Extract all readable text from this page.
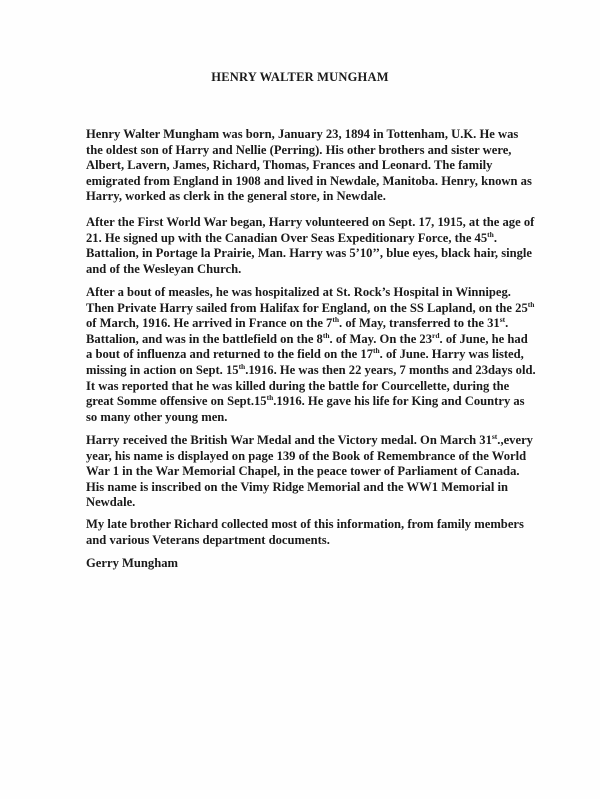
HENRY WALTER MUNGHAM
Henry Walter Mungham was born, January 23, 1894 in Tottenham, U.K. He was
the oldest son of Harry and Nellie (Perring). His other brothers and sister were,
Albert, Lavern, James, Richard, Thomas, Frances and Leonard. The family
emigrated from England in 1908 and lived in Newdale, Manitoba. Henry, known as
Harry, worked as clerk in the general store, in Newdale.
After the First World War began, Harry volunteered on Sept. 17, 1915, at the age of
21. He signed up with the Canadian Over Seas Expeditionary Force, the 45th.
Battalion, in Portage la Prairie, Man. Harry was 5’10’’, blue eyes, black hair, single
and of the Wesleyan Church.
After a bout of measles, he was hospitalized at St. Rock’s Hospital in Winnipeg.
Then Private Harry sailed from Halifax for England, on the SS Lapland, on the 25th
of March, 1916. He arrived in France on the 7th. of May, transferred to the 31st.
Battalion, and was in the battlefield on the 8th. of May. On the 23rd. of June, he had
a bout of influenza and returned to the field on the 17th. of June. Harry was listed,
missing in action on Sept. 15th.1916. He was then 22 years, 7 months and 23days old.
It was reported that he was killed during the battle for Courcellette, during the
great Somme offensive on Sept.15th.1916. He gave his life for King and Country as
so many other young men.
Harry received the British War Medal and the Victory medal. On March 31st.,every
year, his name is displayed on page 139 of the Book of Remembrance of the World
War 1 in the War Memorial Chapel, in the peace tower of Parliament of Canada.
His name is inscribed on the Vimy Ridge Memorial and the WW1 Memorial in
Newdale.
My late brother Richard collected most of this information, from family members
and various Veterans department documents.
Gerry Mungham
